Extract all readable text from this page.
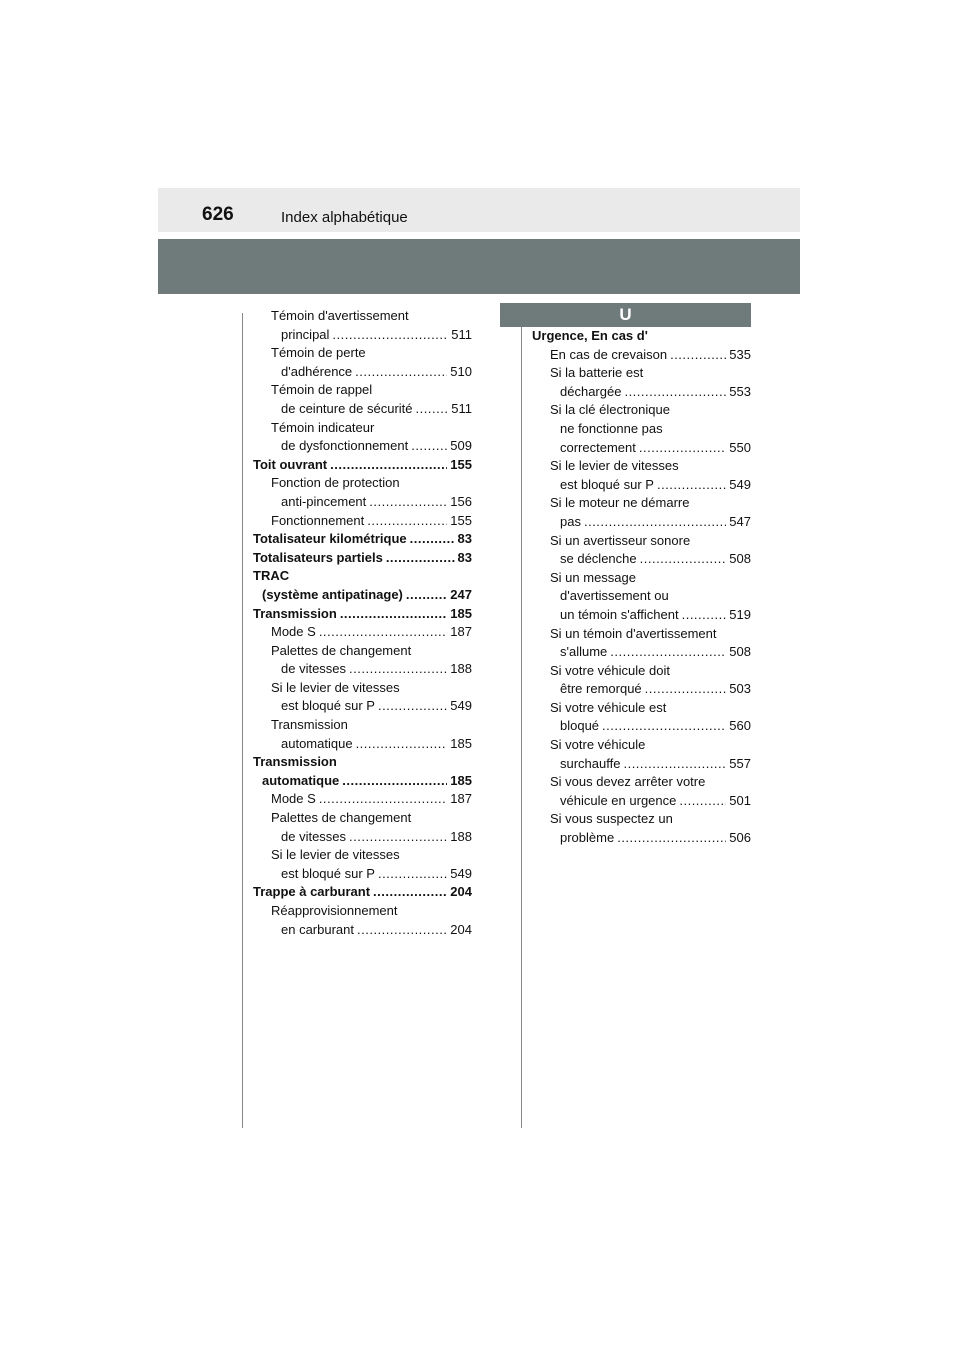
626	Index alphabétique
Témoin d'avertissement
principal .....	511
Témoin de perte
d'adhérence .....	510
Témoin de rappel
de ceinture de sécurité .....	511
Témoin indicateur
de dysfonctionnement .....	509
Toit ouvrant .....	155
Fonction de protection
anti-pincement .....	156
Fonctionnement .....	155
Totalisateur kilométrique .....	83
Totalisateurs partiels .....	83
TRAC
(système antipatinage) .....	247
Transmission .....	185
Mode S .....	187
Palettes de changement
de vitesses .....	188
Si le levier de vitesses
est bloqué sur P .....	549
Transmission
automatique .....	185
Transmission
automatique .....	185
Mode S .....	187
Palettes de changement
de vitesses .....	188
Si le levier de vitesses
est bloqué sur P .....	549
Trappe à carburant .....	204
Réapprovisionnement
en carburant .....	204
U
Urgence, En cas d'
En cas de crevaison .....	535
Si la batterie est
déchargée .....	553
Si la clé électronique
ne fonctionne pas
correctement .....	550
Si le levier de vitesses
est bloqué sur P .....	549
Si le moteur ne démarre
pas .....	547
Si un avertisseur sonore
se déclenche .....	508
Si un message
d'avertissement ou
un témoin s'affichent .....	519
Si un témoin d'avertissement
s'allume .....	508
Si votre véhicule doit
être remorqué .....	503
Si votre véhicule est
bloqué .....	560
Si votre véhicule
surchauffe .....	557
Si vous devez arrêter votre
véhicule en urgence .....	501
Si vous suspectez un
problème .....	506
